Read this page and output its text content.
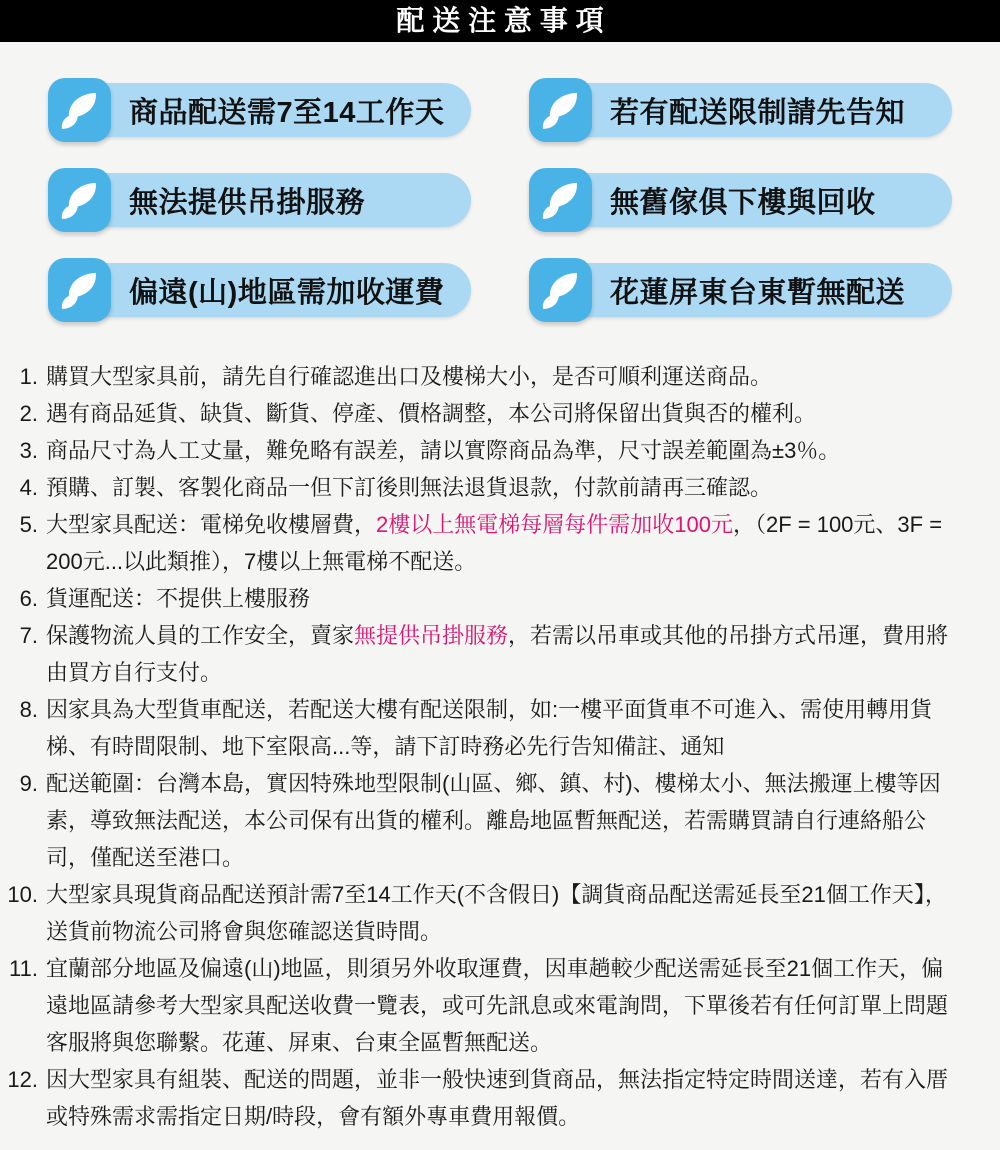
配送注意事項
商品配送需7至14工作天	若有配送限制請先告知
無法提供吊掛服務	無舊傢俱下樓與回收
偏遠(山)地區需加收運費	花蓮屏東台東暫無配送
1. 購買大型家具前，請先自行確認進出口及樓梯大小，是否可順利運送商品。
2. 遇有商品延貨、缺貨、斷貨、停產、價格調整，本公司將保留出貨與否的權利。
3. 商品尺寸為人工丈量，難免略有誤差，請以實際商品為準，尺寸誤差範圍為±3％。
4. 預購、訂製、客製化商品一但下訂後則無法退貨退款，付款前請再三確認。
5. 大型家具配送：電梯免收樓層費，2樓以上無電梯每層每件需加收100元，（2F = 100元、3F = 200元...以此類推），7樓以上無電梯不配送。
6. 貨運配送：不提供上樓服務
7. 保護物流人員的工作安全，賣家無提供吊掛服務，若需以吊車或其他的吊掛方式吊運，費用將由買方自行支付。
8. 因家具為大型貨車配送，若配送大樓有配送限制，如:一樓平面貨車不可進入、需使用轉用貨梯、有時間限制、地下室限高...等，請下訂時務必先行告知備註、通知
9. 配送範圍：台灣本島，實因特殊地型限制(山區、鄉、鎮、村)、樓梯太小、無法搬運上樓等因素，導致無法配送，本公司保有出貨的權利。離島地區暫無配送，若需購買請自行連絡船公司，僅配送至港口。
10. 大型家具現貨商品配送預計需7至14工作天(不含假日)【調貨商品配送需延長至21個工作天】，送貨前物流公司將會與您確認送貨時間。
11. 宜蘭部分地區及偏遠(山)地區，則須另外收取運費，因車趟較少配送需延長至21個工作天，偏遠地區請參考大型家具配送收費一覽表，或可先訊息或來電詢問，下單後若有任何訂單上問題客服將與您聯繫。花蓮、屏東、台東全區暫無配送。
12. 因大型家具有組裝、配送的問題，並非一般快速到貨商品，無法指定特定時間送達，若有入厝或特殊需求需指定日期/時段，會有額外專車費用報價。
